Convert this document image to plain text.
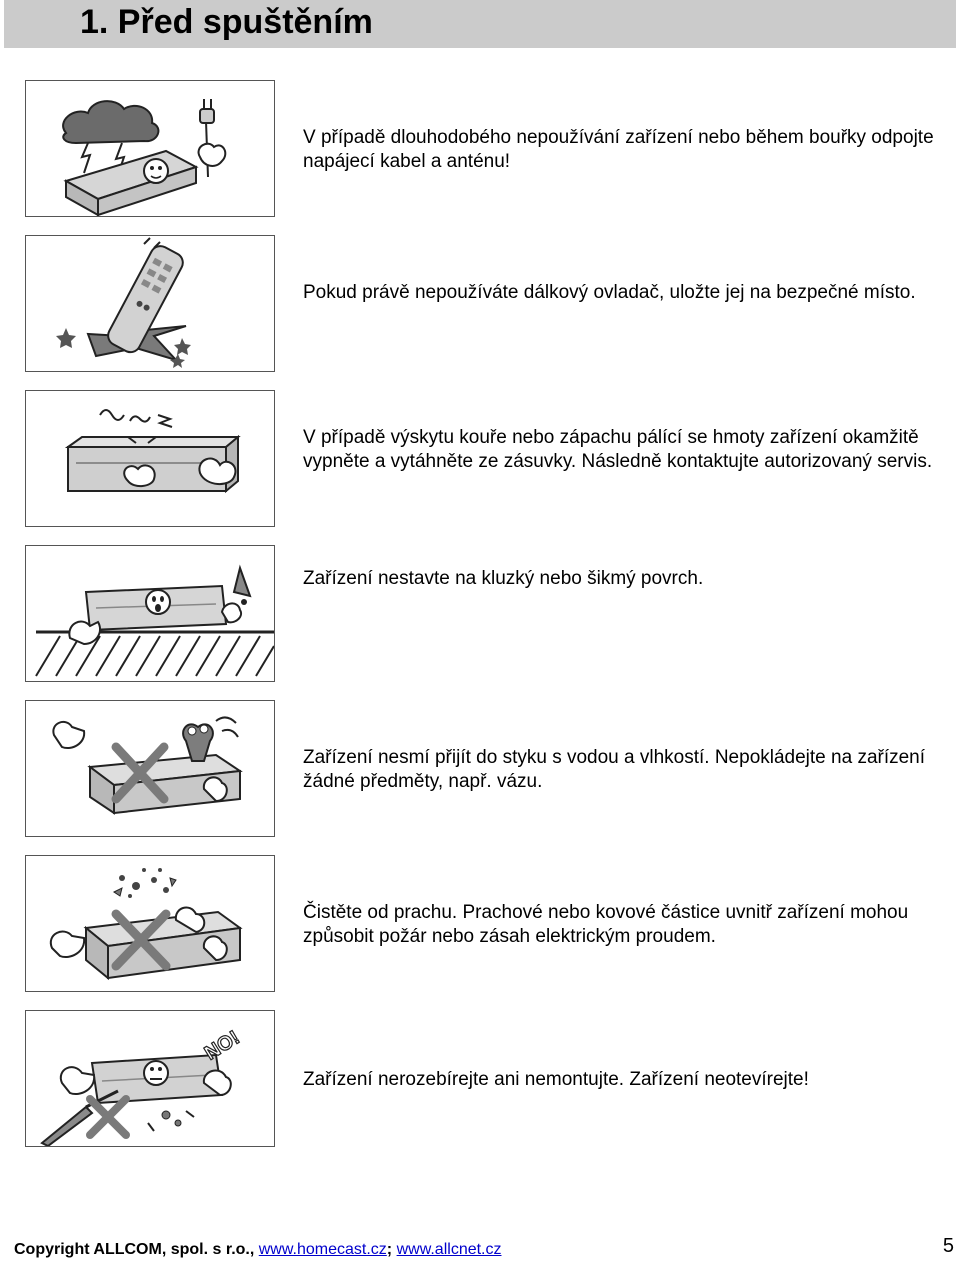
1. Před spuštěním
V případě dlouhodobého nepoužívání zařízení nebo během bouřky odpojte napájecí kabel a anténu!
Pokud právě nepoužíváte dálkový ovladač, uložte jej na bezpečné místo.
V případě výskytu kouře nebo zápachu pálící se hmoty zařízení okamžitě vypněte a vytáhněte ze zásuvky. Následně kontaktujte autorizovaný servis.
Zařízení nestavte na kluzký nebo šikmý povrch.
Zařízení nesmí přijít do styku s vodou a vlhkostí. Nepokládejte na zařízení žádné předměty, např. vázu.
Čistěte od prachu. Prachové nebo kovové částice uvnitř zařízení mohou způsobit požár nebo zásah elektrickým proudem.
NO!
Zařízení nerozebírejte ani nemontujte. Zařízení neotevírejte!
Copyright ALLCOM, spol. s r.o., www.homecast.cz; www.allcnet.cz	5
